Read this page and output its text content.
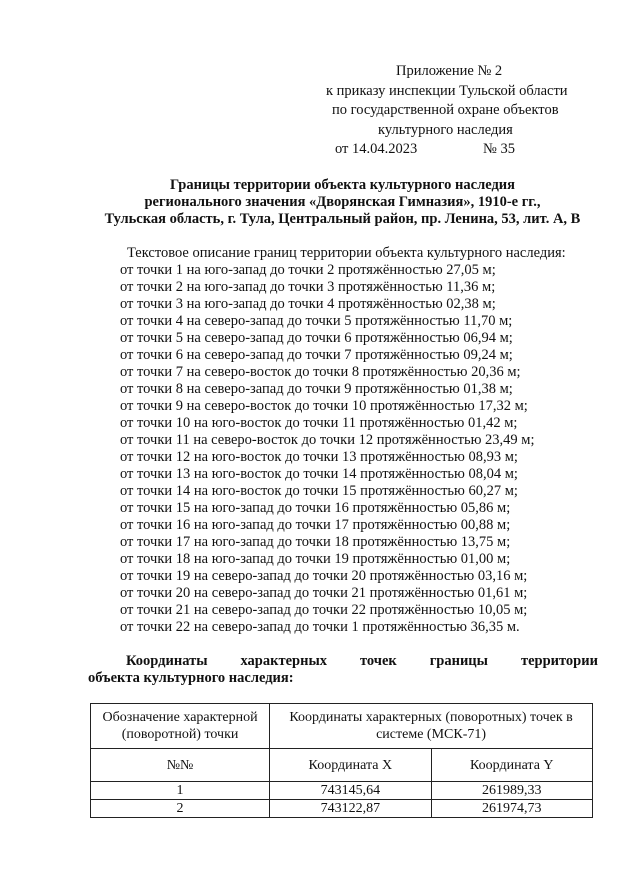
Приложение № 2
к приказу инспекции Тульской области
по государственной охране объектов
культурного наследия
от 14.04.2023	№ 35
Границы территории объекта культурного наследия
регионального значения «Дворянская Гимназия», 1910-е гг.,
Тульская область, г. Тула, Центральный район, пр. Ленина, 53, лит. А, В
Текстовое описание границ территории объекта культурного наследия:
от точки 1 на юго-запад до точки 2 протяжённостью 27,05 м;
от точки 2 на юго-запад до точки 3 протяжённостью 11,36 м;
от точки 3 на юго-запад до точки 4 протяжённостью 02,38 м;
от точки 4 на северо-запад до точки 5 протяжённостью 11,70 м;
от точки 5 на северо-запад до точки 6 протяжённостью 06,94 м;
от точки 6 на северо-запад до точки 7 протяжённостью 09,24 м;
от точки 7 на северо-восток до точки 8 протяжённостью 20,36 м;
от точки 8 на северо-запад до точки 9 протяжённостью 01,38 м;
от точки 9 на северо-восток до точки 10 протяжённостью 17,32 м;
от точки 10 на юго-восток до точки 11 протяжённостью 01,42 м;
от точки 11 на северо-восток до точки 12 протяжённостью 23,49 м;
от точки 12 на юго-восток до точки 13 протяжённостью 08,93 м;
от точки 13 на юго-восток до точки 14 протяжённостью 08,04 м;
от точки 14 на юго-восток до точки 15 протяжённостью 60,27 м;
от точки 15 на юго-запад до точки 16 протяжённостью 05,86 м;
от точки 16 на юго-запад до точки 17 протяжённостью 00,88 м;
от точки 17 на юго-запад до точки 18 протяжённостью 13,75 м;
от точки 18 на юго-запад до точки 19 протяжённостью 01,00 м;
от точки 19 на северо-запад до точки 20 протяжённостью 03,16 м;
от точки 20 на северо-запад до точки 21 протяжённостью 01,61 м;
от точки 21 на северо-запад до точки 22 протяжённостью 10,05 м;
от точки 22 на северо-запад до точки 1 протяжённостью 36,35 м.
Координаты характерных точек границы территории
объекта культурного наследия:
Обозначение характерной (поворотной) точки	Координаты характерных (поворотных) точек в системе (МСК-71)	
№№	Координата X	Координата Y
1	743145,64	261989,33
2	743122,87	261974,73
